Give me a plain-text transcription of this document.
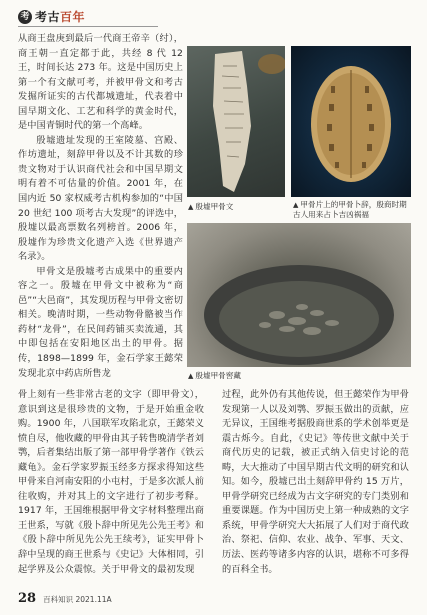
考 考古百年

从商王盘庚到最后一代商王帝辛（纣），商王朝一直定都于此，共经 8 代 12 王，时间长达 273 年。这是中国历史上第一个有文献可考，并被甲骨文和考古发掘所证实的古代都城遗址，代表着中国早期文化、工艺和科学的黄金时代，是中国青铜时代的第一个高峰。

殷墟遗址发现的王室陵墓、宫殿、作坊遗址，刻辞甲骨以及不计其数的珍贵文物对于认识商代社会和中国早期文明有着不可估量的价值。2001 年，在国内近 50 家权威考古机构参加的“中国 20 世纪 100 项考古大发现”的评选中，殷墟以最高票数名列榜首。2006 年，殷墟作为珍贵文化遗产入选《世界遗产名录》。

甲骨文是殷墟考古成果中的重要内容之一。殷墟在甲骨文中被称为“商邑”“大邑商”，其发现历程与甲骨文密切相关。晚清时期，一些动物骨骼被当作药材“龙骨”，在民间药铺买卖流通，其中即包括在安阳地区出土的甲骨。据传，1898—1899 年，金石学家王懿荣发现北京中药店所售龙

▲ 殷墟甲骨文	▲ 甲骨片上的甲骨卜辞，殷商时期古人用来占卜吉凶祸福
▲ 殷墟甲骨窖藏

骨上刻有一些非常古老的文字（即甲骨文），意识到这是很珍贵的文物，于是开始重金收购。1900 年，八国联军攻陷北京，王懿荣义愤自尽，他收藏的甲骨由其子转售晚清学者刘鹗，后者集结出版了第一部甲骨学著作《铁云藏龟》。金石学家罗振玉经多方探求得知这些甲骨来自河南安阳的小屯村，于是多次派人前往收购，并对其上的文字进行了初步考释。1917 年，王国维根据甲骨文字材料整理出商王世系，写就《殷卜辞中所见先公先王考》和《殷卜辞中所见先公先王续考》，证实甲骨卜辞中呈现的商王世系与《史记》大体相同，引起学界及公众震惊。关于甲骨文的最初发现

过程，此外仍有其他传说，但王懿荣作为甲骨发现第一人以及刘鹗、罗振玉做出的贡献，应无异议，王国维考据殷商世系的学术创举更是震古烁今。自此，《史记》等传世文献中关于商代历史的记载，被正式纳入信史讨论的范畴，大大推动了中国早期古代文明的研究和认知。如今，殷墟已出土刻辞甲骨约 15 万片，甲骨学研究已经成为古文字研究的专门类别和重要课题。作为中国历史上第一种成熟的文字系统，甲骨学研究大大拓展了人们对于商代政治、祭祀、信仰、农业、战争、军事、天文、历法、医药等诸多内容的认识，堪称不可多得的百科全书。

28 百科知识 2021.11A
